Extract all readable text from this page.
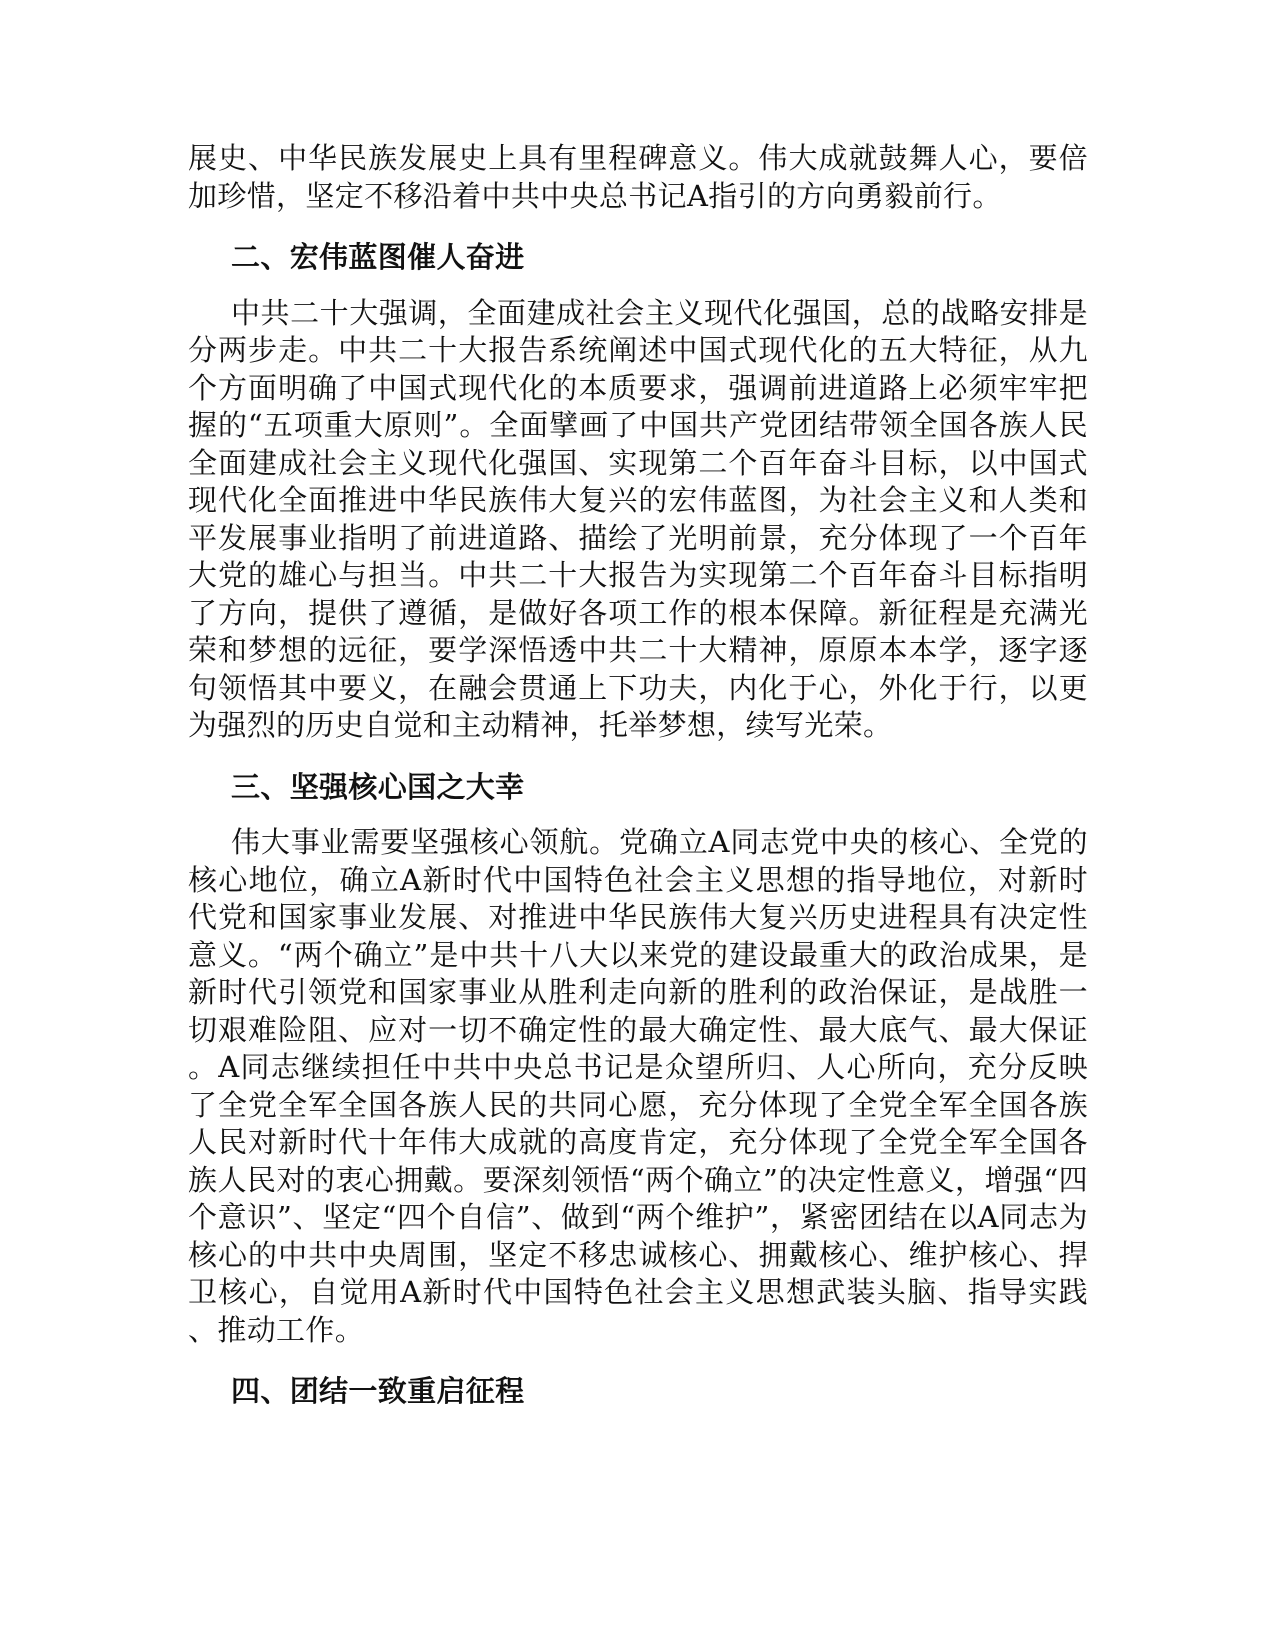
展史、中华民族发展史上具有里程碑意义。伟大成就鼓舞人心，要倍加珍惜，坚定不移沿着中共中央总书记A指引的方向勇毅前行。

二、宏伟蓝图催人奋进

中共二十大强调，全面建成社会主义现代化强国，总的战略安排是分两步走。中共二十大报告系统阐述中国式现代化的五大特征，从九个方面明确了中国式现代化的本质要求，强调前进道路上必须牢牢把握的“五项重大原则”。全面擘画了中国共产党团结带领全国各族人民全面建成社会主义现代化强国、实现第二个百年奋斗目标，以中国式现代化全面推进中华民族伟大复兴的宏伟蓝图，为社会主义和人类和平发展事业指明了前进道路、描绘了光明前景，充分体现了一个百年大党的雄心与担当。中共二十大报告为实现第二个百年奋斗目标指明了方向，提供了遵循，是做好各项工作的根本保障。新征程是充满光荣和梦想的远征，要学深悟透中共二十大精神，原原本本学，逐字逐句领悟其中要义，在融会贯通上下功夫，内化于心，外化于行，以更为强烈的历史自觉和主动精神，托举梦想，续写光荣。

三、坚强核心国之大幸

伟大事业需要坚强核心领航。党确立A同志党中央的核心、全党的核心地位，确立A新时代中国特色社会主义思想的指导地位，对新时代党和国家事业发展、对推进中华民族伟大复兴历史进程具有决定性意义。“两个确立”是中共十八大以来党的建设最重大的政治成果，是新时代引领党和国家事业从胜利走向新的胜利的政治保证，是战胜一切艰难险阻、应对一切不确定性的最大确定性、最大底气、最大保证。A同志继续担任中共中央总书记是众望所归、人心所向，充分反映了全党全军全国各族人民的共同心愿，充分体现了全党全军全国各族人民对新时代十年伟大成就的高度肯定，充分体现了全党全军全国各族人民对的衷心拥戴。要深刻领悟“两个确立”的决定性意义，增强“四个意识”、坚定“四个自信”、做到“两个维护”，紧密团结在以A同志为核心的中共中央周围，坚定不移忠诚核心、拥戴核心、维护核心、捍卫核心，自觉用A新时代中国特色社会主义思想武装头脑、指导实践、推动工作。

四、团结一致重启征程
